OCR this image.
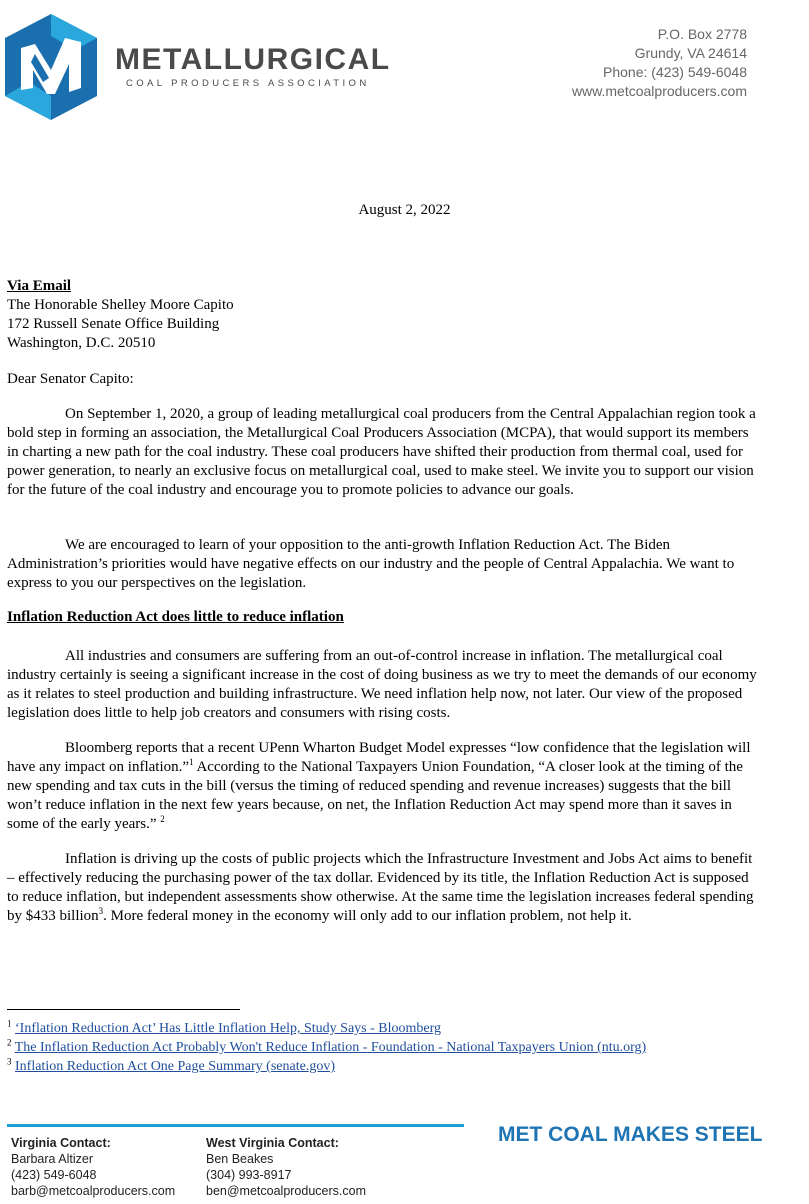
METALLURGICAL
COAL PRODUCERS ASSOCIATION
P.O. Box 2778
Grundy, VA 24614
Phone: (423) 549-6048
www.metcoalproducers.com
August 2, 2022
Via Email
The Honorable Shelley Moore Capito
172 Russell Senate Office Building
Washington, D.C. 20510
Dear Senator Capito:

On September 1, 2020, a group of leading metallurgical coal producers from the Central Appalachian region took a bold step in forming an association, the Metallurgical Coal Producers Association (MCPA), that would support its members in charting a new path for the coal industry. These coal producers have shifted their production from thermal coal, used for power generation, to nearly an exclusive focus on metallurgical coal, used to make steel. We invite you to support our vision for the future of the coal industry and encourage you to promote policies to advance our goals.

We are encouraged to learn of your opposition to the anti-growth Inflation Reduction Act. The Biden Administration’s priorities would have negative effects on our industry and the people of Central Appalachia. We want to express to you our perspectives on the legislation.

Inflation Reduction Act does little to reduce inflation

All industries and consumers are suffering from an out-of-control increase in inflation. The metallurgical coal industry certainly is seeing a significant increase in the cost of doing business as we try to meet the demands of our economy as it relates to steel production and building infrastructure. We need inflation help now, not later. Our view of the proposed legislation does little to help job creators and consumers with rising costs.

Bloomberg reports that a recent UPenn Wharton Budget Model expresses “low confidence that the legislation will have any impact on inflation.”$^1$ According to the National Taxpayers Union Foundation, “A closer look at the timing of the new spending and tax cuts in the bill (versus the timing of reduced spending and revenue increases) suggests that the bill won’t reduce inflation in the next few years because, on net, the Inflation Reduction Act may spend more than it saves in some of the early years.” $^2$

Inflation is driving up the costs of public projects which the Infrastructure Investment and Jobs Act aims to benefit – effectively reducing the purchasing power of the tax dollar. Evidenced by its title, the Inflation Reduction Act is supposed to reduce inflation, but independent assessments show otherwise. At the same time the legislation increases federal spending by $433 billion$^3$. More federal money in the economy will only add to our inflation problem, not help it.

$^1$ ‘Inflation Reduction Act’ Has Little Inflation Help, Study Says - Bloomberg
$^2$ The Inflation Reduction Act Probably Won't Reduce Inflation - Foundation - National Taxpayers Union (ntu.org)
$^3$ Inflation Reduction Act One Page Summary (senate.gov)
Virginia Contact:
Barbara Altizer
(423) 549-6048
barb@metcoalproducers.com
West Virginia Contact:
Ben Beakes
(304) 993-8917
ben@metcoalproducers.com
MET COAL MAKES STEEL
